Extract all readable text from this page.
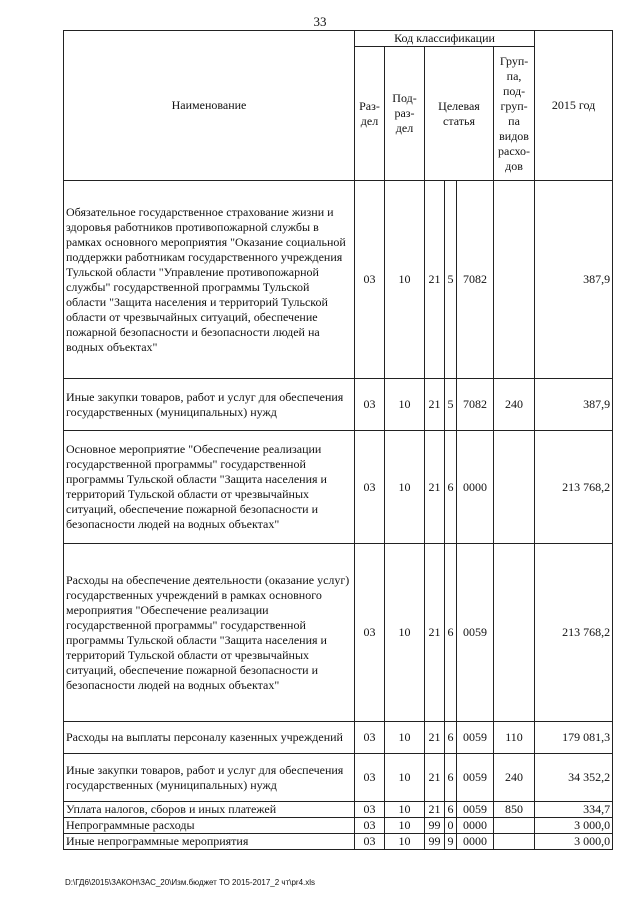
33
Наименование	Код классификации						2015 год
	Раз- дел	Под- раз- дел	Целевая статья			Груп- па, под- груп- па видов расхо- дов	
Обязательное государственное страхование жизни и здоровья работников противопожарной службы в рамках основного мероприятия "Оказание социальной поддержки работникам государственного учреждения Тульской области "Управление противопожарной службы" государственной программы Тульской области "Защита населения и территорий Тульской области от чрезвычайных ситуаций, обеспечение пожарной безопасности и безопасности людей на водных объектах"	03	10	21	5	7082		387,9
Иные закупки товаров, работ и услуг для обеспечения государственных (муниципальных) нужд	03	10	21	5	7082	240	387,9
Основное мероприятие "Обеспечение реализации государственной программы" государственной программы Тульской области "Защита населения и территорий Тульской области от чрезвычайных ситуаций, обеспечение пожарной безопасности и безопасности людей на водных объектах"	03	10	21	6	0000		213 768,2
Расходы на обеспечение деятельности (оказание услуг) государственных учреждений в рамках основного мероприятия "Обеспечение реализации государственной программы" государственной программы Тульской области "Защита населения и территорий Тульской области от чрезвычайных ситуаций, обеспечение пожарной безопасности и безопасности людей на водных объектах"	03	10	21	6	0059		213 768,2
Расходы на выплаты персоналу казенных учреждений	03	10	21	6	0059	110	179 081,3
Иные закупки товаров, работ и услуг для обеспечения государственных (муниципальных) нужд	03	10	21	6	0059	240	34 352,2
Уплата налогов, сборов и иных платежей	03	10	21	6	0059	850	334,7
Непрограммные расходы	03	10	99	0	0000		3 000,0
Иные непрограммные мероприятия	03	10	99	9	0000		3 000,0
D:\ГД6\2015\ЗАКОН\ЗАС_20\Изм.бюджет ТО 2015-2017_2 чт\pr4.xls
